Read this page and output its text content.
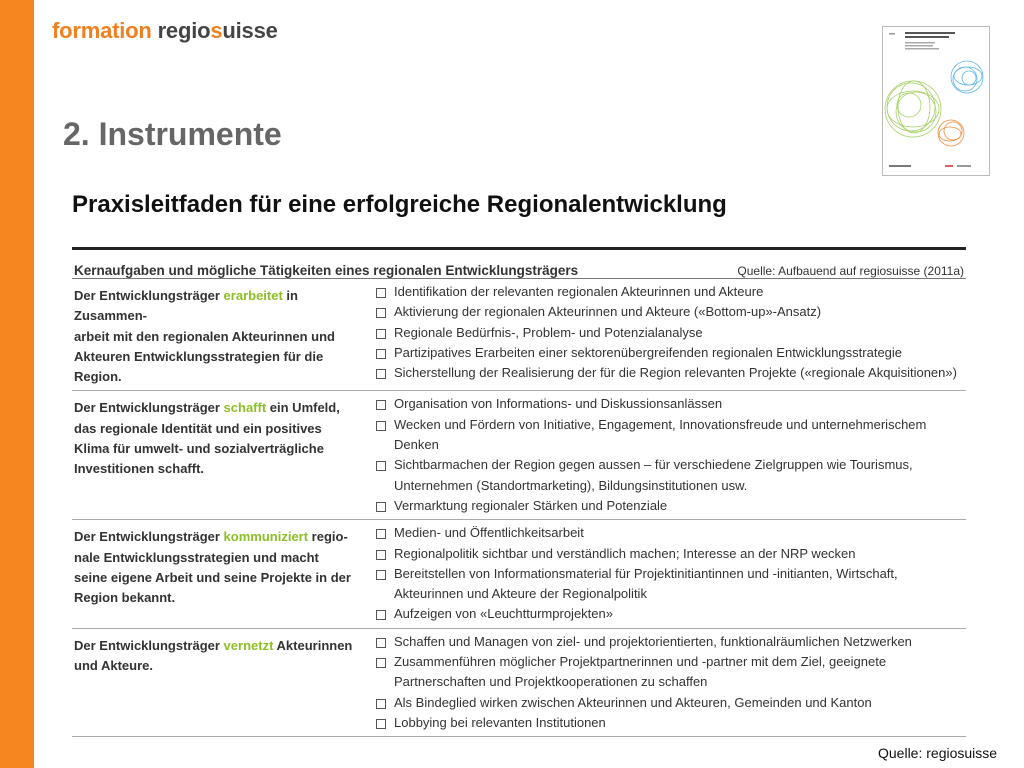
formation regiosuisse
2. Instrumente
Praxisleitfaden für eine erfolgreiche Regionalentwicklung
Kernaufgaben und mögliche Tätigkeiten eines regionalen Entwicklungsträgers	Quelle: Aufbauend auf regiosuisse (2011a)
Der Entwicklungsträger erarbeitet in Zusammen-
arbeit mit den regionalen Akteurinnen und
Akteuren Entwicklungsstrategien für die Region.
Identifikation der relevanten regionalen Akteurinnen und Akteure
Aktivierung der regionalen Akteurinnen und Akteure («Bottom-up»-Ansatz)
Regionale Bedürfnis-, Problem- und Potenzialanalyse
Partizipatives Erarbeiten einer sektorenübergreifenden regionalen Entwicklungsstrategie
Sicherstellung der Realisierung der für die Region relevanten Projekte («regionale Akquisitionen»)
Der Entwicklungsträger schafft ein Umfeld,
das regionale Identität und ein positives
Klima für umwelt- und sozialverträgliche
Investitionen schafft.
Organisation von Informations- und Diskussionsanlässen
Wecken und Fördern von Initiative, Engagement, Innovationsfreude und unternehmerischem Denken
Sichtbarmachen der Region gegen aussen – für verschiedene Zielgruppen wie Tourismus, Unternehmen (Standortmarketing), Bildungsinstitutionen usw.
Vermarktung regionaler Stärken und Potenziale
Der Entwicklungsträger kommuniziert regio-
nale Entwicklungsstrategien und macht
seine eigene Arbeit und seine Projekte in der
Region bekannt.
Medien- und Öffentlichkeitsarbeit
Regionalpolitik sichtbar und verständlich machen; Interesse an der NRP wecken
Bereitstellen von Informationsmaterial für Projektinitiantinnen und -initianten, Wirtschaft, Akteurinnen und Akteure der Regionalpolitik
Aufzeigen von «Leuchtturmprojekten»
Der Entwicklungsträger vernetzt Akteurinnen
und Akteure.
Schaffen und Managen von ziel- und projektorientierten, funktionalräumlichen Netzwerken
Zusammenführen möglicher Projektpartnerinnen und -partner mit dem Ziel, geeignete Partnerschaften und Projektkooperationen zu schaffen
Als Bindeglied wirken zwischen Akteurinnen und Akteuren, Gemeinden und Kanton
Lobbying bei relevanten Institutionen
Quelle: regiosuisse
